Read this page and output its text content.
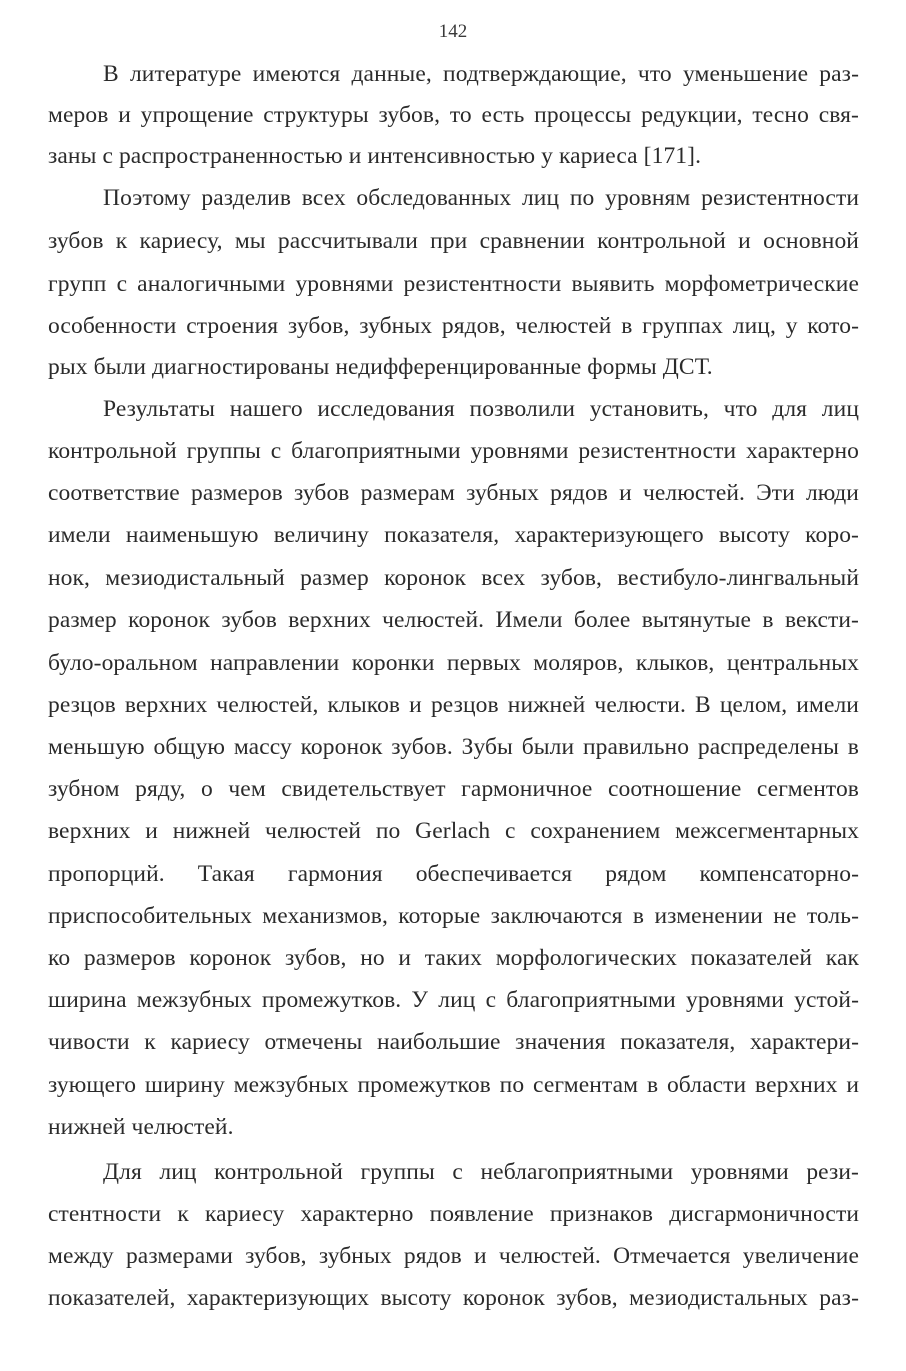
142
В литературе имеются данные, подтверждающие, что уменьшение раз-
меров и упрощение структуры зубов, то есть процессы редукции, тесно свя-
заны с распространенностью и интенсивностью у кариеса [171].
Поэтому разделив всех обследованных лиц по уровням резистентности
зубов к кариесу, мы рассчитывали при сравнении контрольной и основной
групп с аналогичными уровнями резистентности выявить морфометрические
особенности строения зубов, зубных рядов, челюстей в группах лиц, у кото-
рых были диагностированы недифференцированные формы ДСТ.
Результаты нашего исследования позволили установить, что для лиц
контрольной группы с благоприятными уровнями резистентности характерно
соответствие размеров зубов размерам зубных рядов и челюстей. Эти люди
имели наименьшую величину показателя, характеризующего высоту коро-
нок, мезиодистальный размер коронок всех зубов, вестибуло-лингвальный
размер коронок зубов верхних челюстей. Имели более вытянутые в вексти-
було-оральном направлении коронки первых моляров, клыков, центральных
резцов верхних челюстей, клыков и резцов нижней челюсти. В целом, имели
меньшую общую массу коронок зубов. Зубы были правильно распределены в
зубном ряду, о чем свидетельствует гармоничное соотношение сегментов
верхних и нижней челюстей по Gerlach с сохранением межсегментарных
пропорций. Такая гармония обеспечивается рядом компенсаторно-
приспособительных механизмов, которые заключаются в изменении не толь-
ко размеров коронок зубов, но и таких морфологических показателей как
ширина межзубных промежутков. У лиц с благоприятными уровнями устой-
чивости к кариесу отмечены наибольшие значения показателя, характери-
зующего ширину межзубных промежутков по сегментам в области верхних и
нижней челюстей.
Для лиц контрольной группы с неблагоприятными уровнями рези-
стентности к кариесу характерно появление признаков дисгармоничности
между размерами зубов, зубных рядов и челюстей. Отмечается увеличение
показателей, характеризующих высоту коронок зубов, мезиодистальных раз-
